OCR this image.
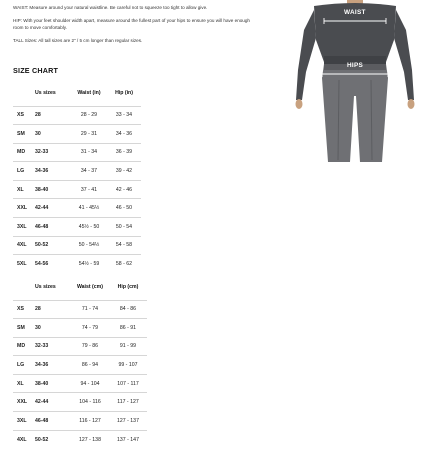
WAIST: Measure around your natural waistline. Be careful not to squeeze too tight to allow give.

HIP: With your feet shoulder width apart, measure around the fullest part of your hips to ensure you will have enough room to move comfortably.

TALL Sizes: All tall sizes are 2" / 5 cm longer than regular sizes.

SIZE CHART
	Us sizes	Waist (in)	Hip (in)
XS	28	28 - 29	33 - 34
SM	30	29 - 31	34 - 36
MD	32-33	31 - 34	36 - 39
LG	34-36	34 - 37	39 - 42
XL	38-40	37 - 41	42 - 46
XXL	42-44	41 - 45½	46 - 50
3XL	46-48	45½ - 50	50 - 54
4XL	50-52	50 - 54½	54 - 58
5XL	54-56	54½ - 59	58 - 62
	Us sizes	Waist (cm)	Hip (cm)
XS	28	71 - 74	84 - 86
SM	30	74 - 79	86 - 91
MD	32-33	79 - 86	91 - 99
LG	34-36	86 - 94	99 - 107
XL	38-40	94 - 104	107 - 117
XXL	42-44	104 - 116	117 - 127
3XL	46-48	116 - 127	127 - 137
4XL	50-52	127 - 138	137 - 147
WAIST
HIPS
